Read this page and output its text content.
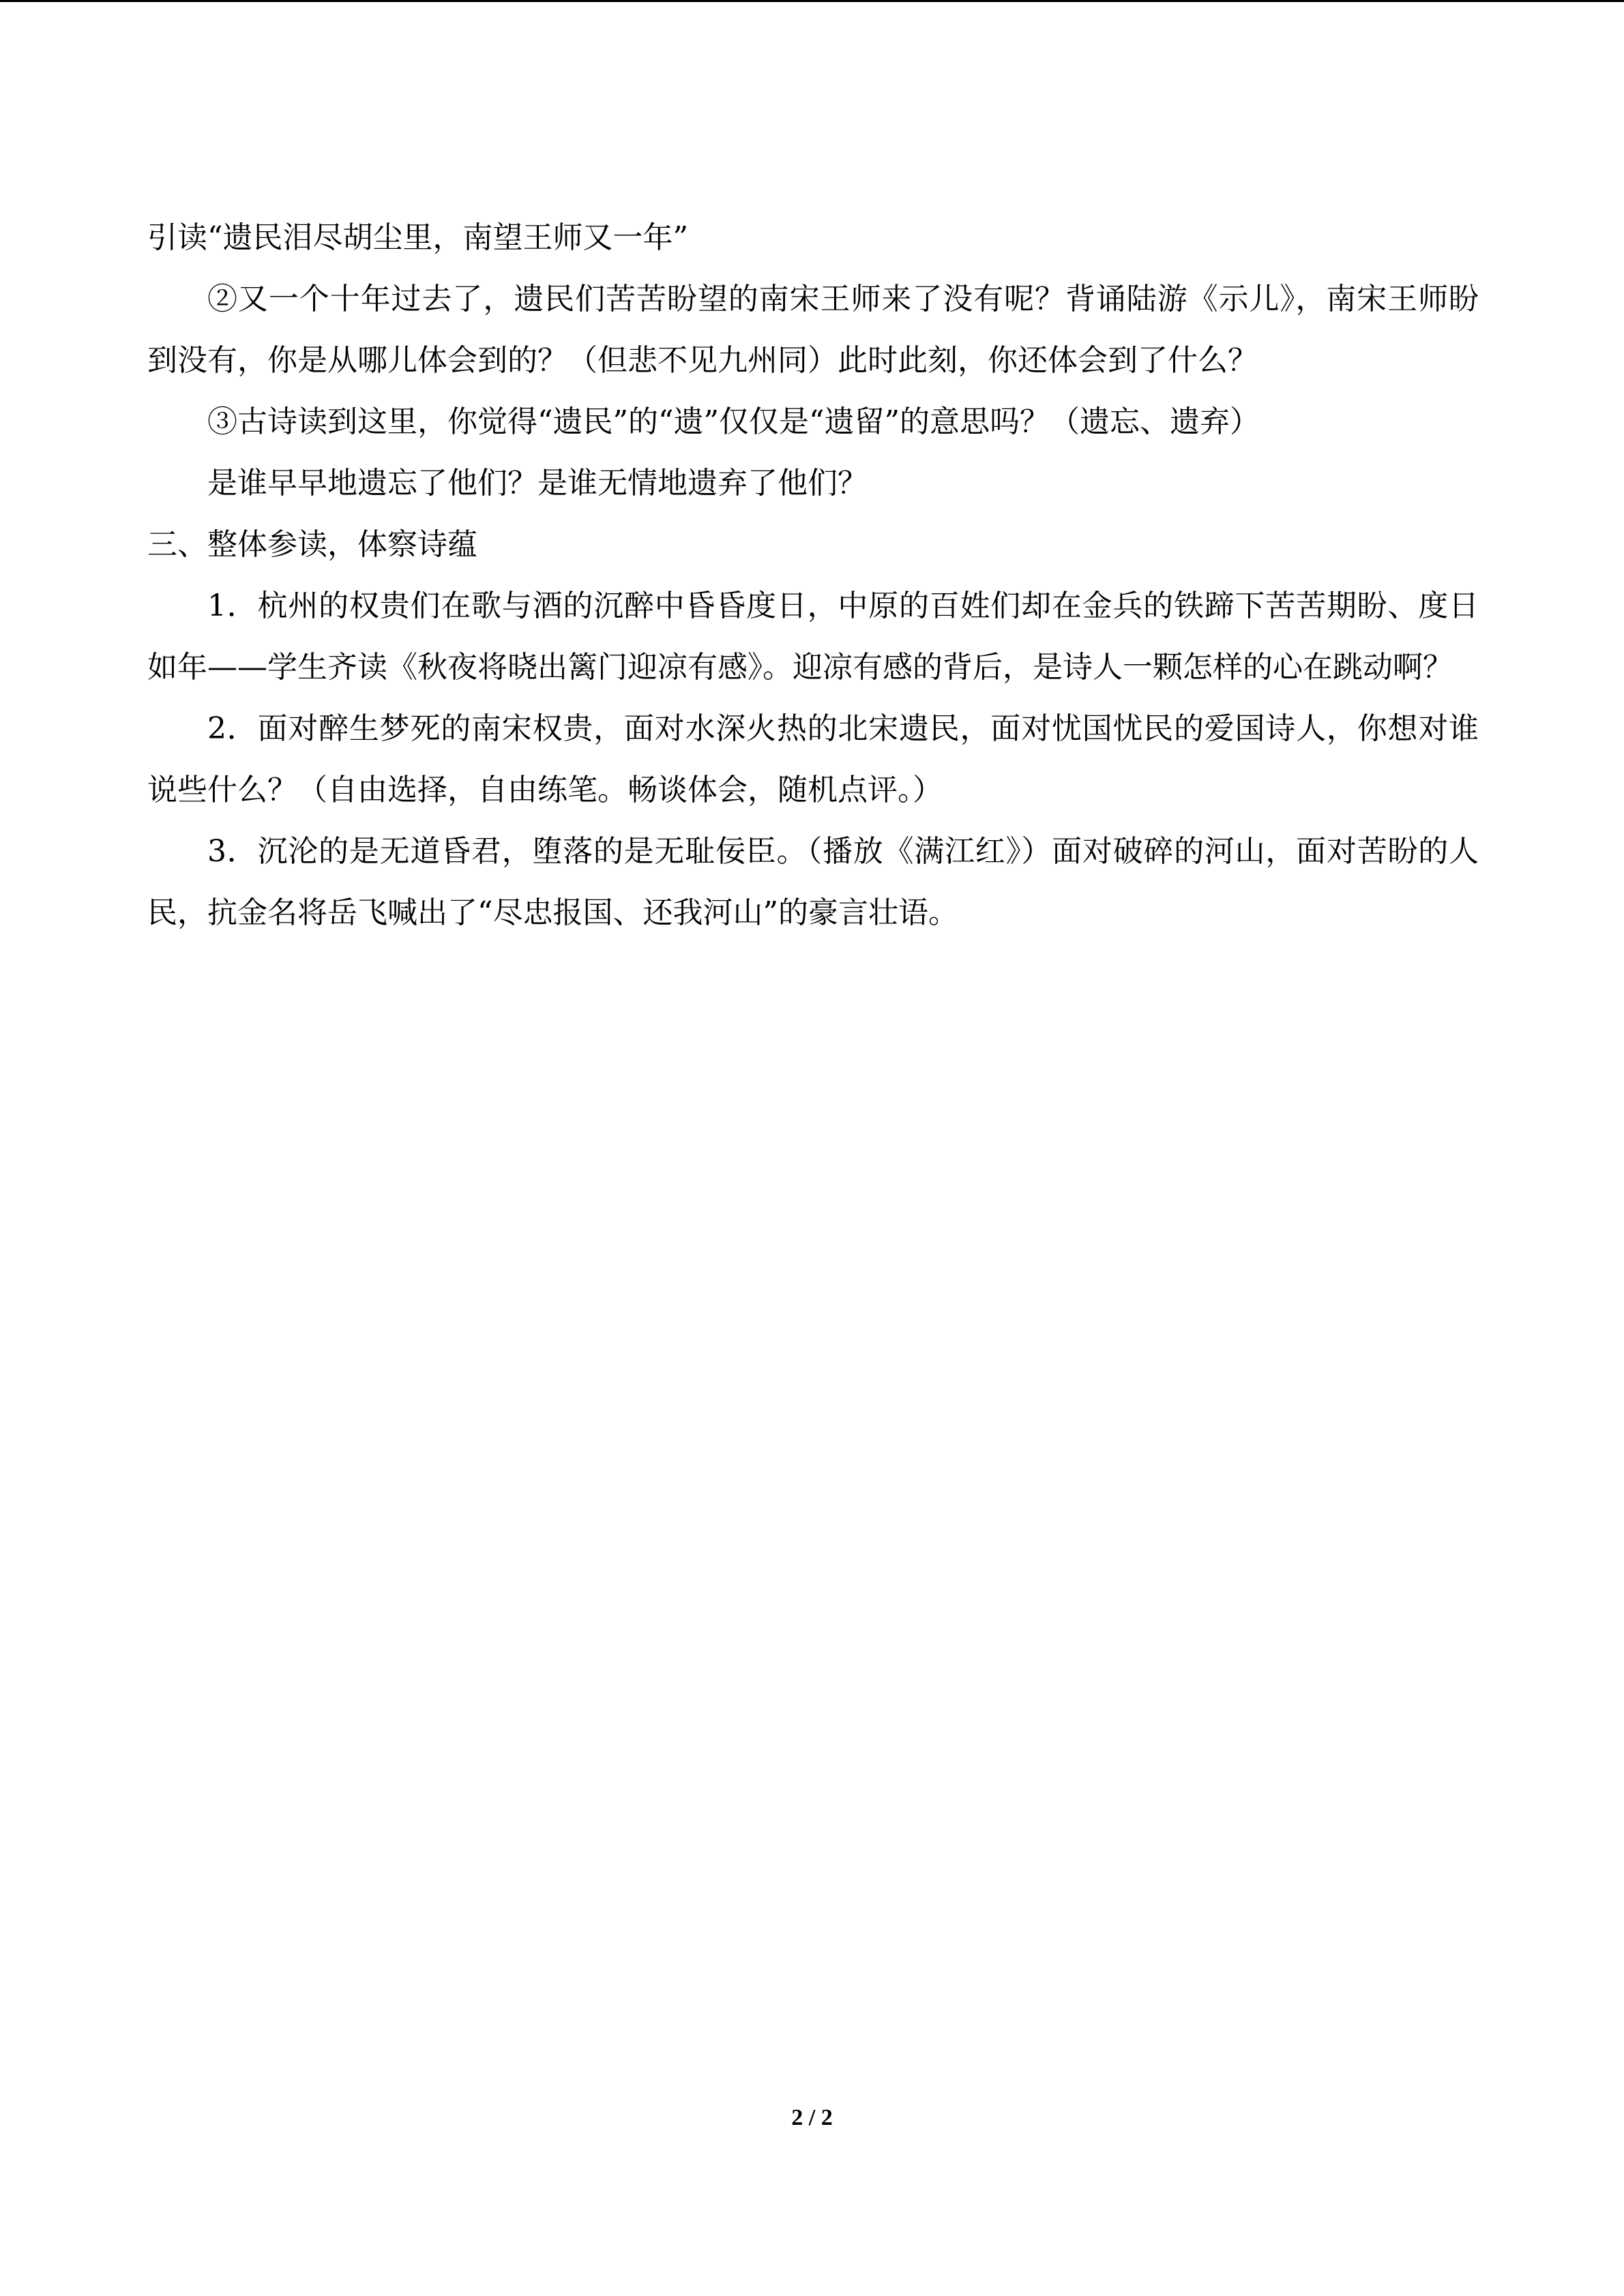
引读“遗民泪尽胡尘里，南望王师又一年”

②又一个十年过去了，遗民们苦苦盼望的南宋王师来了没有呢？背诵陆游《示儿》，南宋王师盼到没有，你是从哪儿体会到的？（但悲不见九州同）此时此刻，你还体会到了什么？

③古诗读到这里，你觉得“遗民”的“遗”仅仅是“遗留”的意思吗？（遗忘、遗弃）

是谁早早地遗忘了他们？是谁无情地遗弃了他们？

三、整体参读，体察诗蕴

1．杭州的权贵们在歌与酒的沉醉中昏昏度日，中原的百姓们却在金兵的铁蹄下苦苦期盼、度日如年——学生齐读《秋夜将晓出篱门迎凉有感》。迎凉有感的背后，是诗人一颗怎样的心在跳动啊？

2．面对醉生梦死的南宋权贵，面对水深火热的北宋遗民，面对忧国忧民的爱国诗人，你想对谁说些什么？（自由选择，自由练笔。畅谈体会，随机点评。）

3．沉沦的是无道昏君，堕落的是无耻佞臣。（播放《满江红》）面对破碎的河山，面对苦盼的人民，抗金名将岳飞喊出了“尽忠报国、还我河山”的豪言壮语。

2 / 2
